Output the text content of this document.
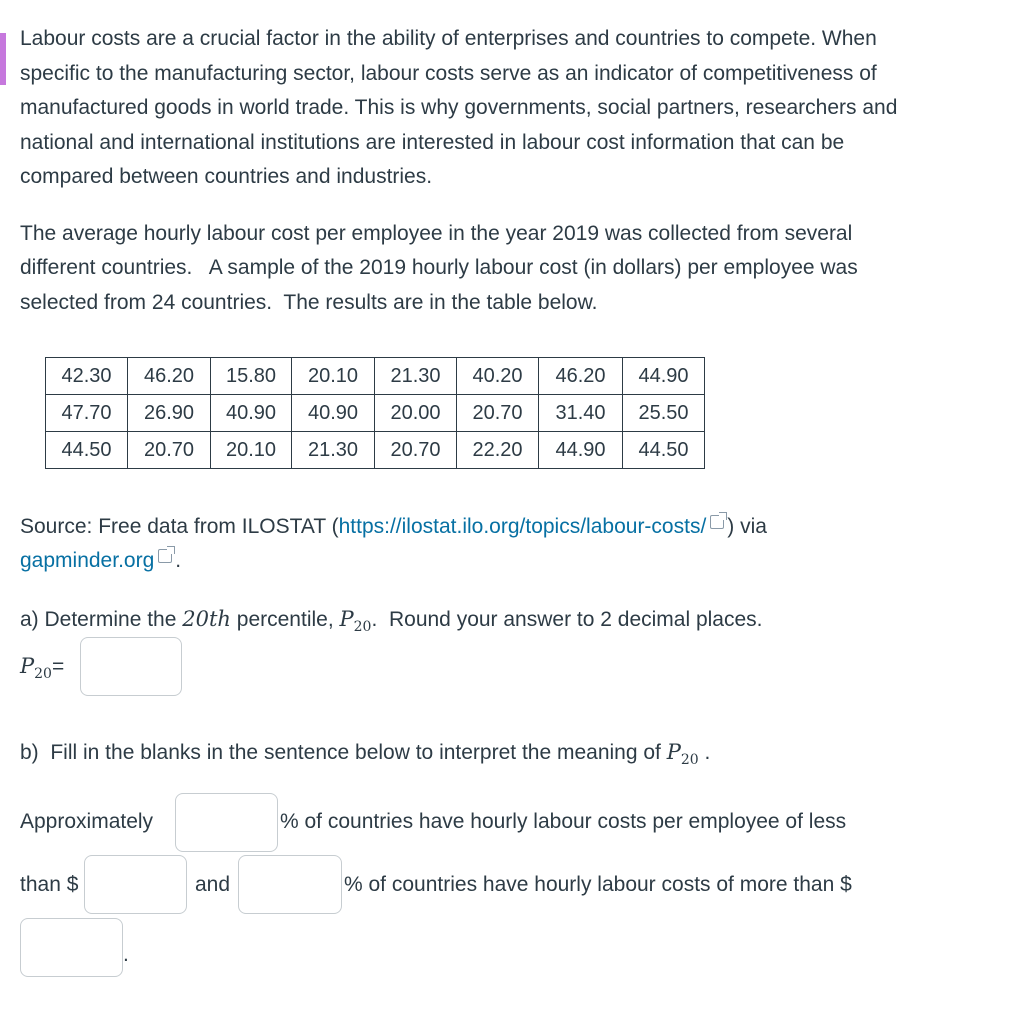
Labour costs are a crucial factor in the ability of enterprises and countries to compete. When specific to the manufacturing sector, labour costs serve as an indicator of competitiveness of manufactured goods in world trade. This is why governments, social partners, researchers and national and international institutions are interested in labour cost information that can be compared between countries and industries.

The average hourly labour cost per employee in the year 2019 was collected from several different countries.   A sample of the 2019 hourly labour cost (in dollars) per employee was selected from 24 countries.  The results are in the table below.

42.30	46.20	15.80	20.10	21.30	40.20	46.20	44.90
47.70	26.90	40.90	40.90	20.00	20.70	31.40	25.50
44.50	20.70	20.10	21.30	20.70	22.20	44.90	44.50
Source: Free data from ILOSTAT (https://ilostat.ilo.org/topics/labour-costs/ ) via
gapminder.org .
a) Determine the 20th percentile, $P_{20}$.  Round your answer to 2 decimal places.
$P_{20}=$
b)  Fill in the blanks in the sentence below to interpret the meaning of $P_{20}$ .
Approximately	% of countries have hourly labour costs per employee of less
than $	and	% of countries have hourly labour costs of more than $
.
